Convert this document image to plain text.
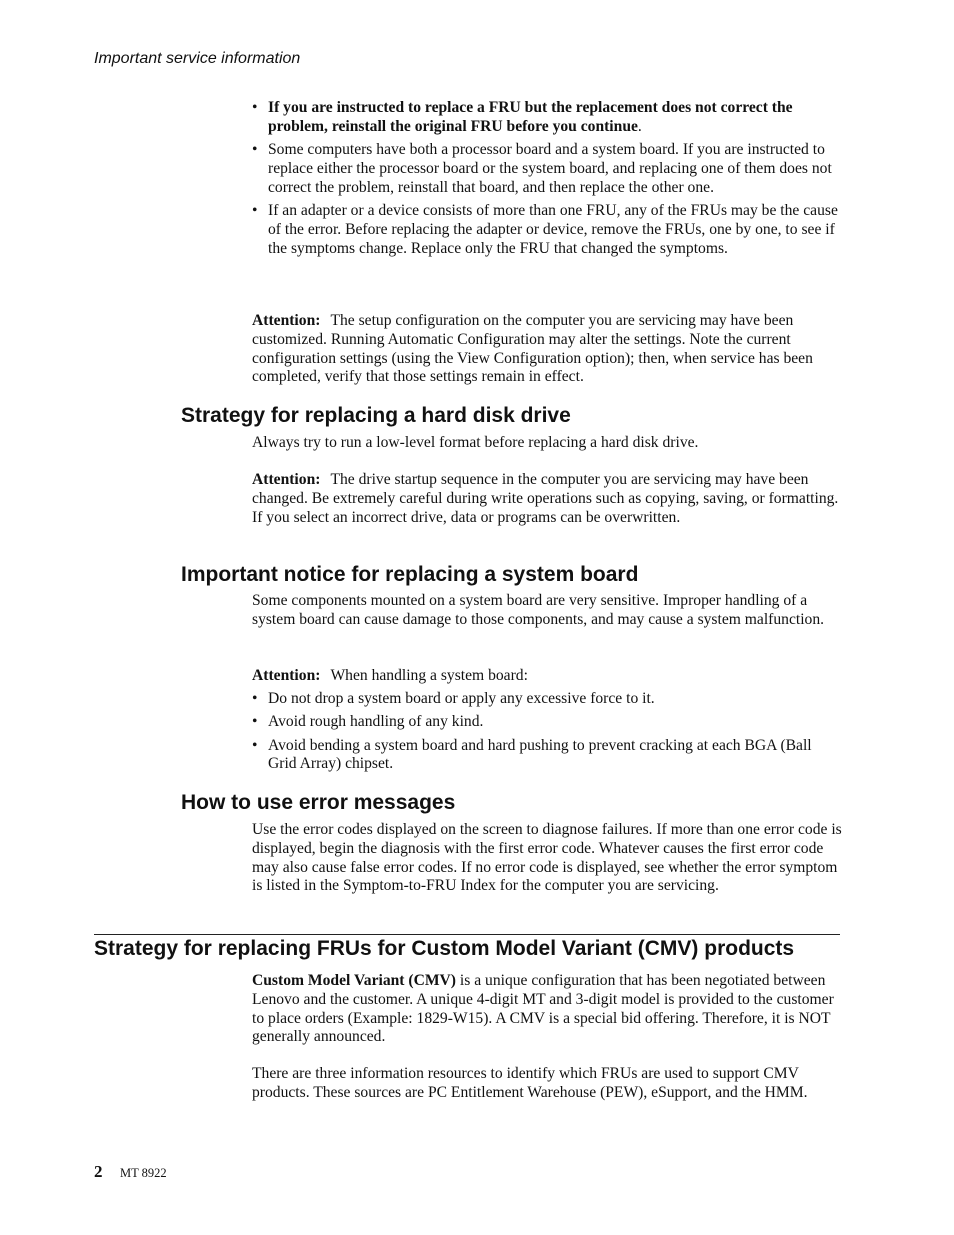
Important service information
• If you are instructed to replace a FRU but the replacement does not correct the problem, reinstall the original FRU before you continue.
• Some computers have both a processor board and a system board. If you are instructed to replace either the processor board or the system board, and replacing one of them does not correct the problem, reinstall that board, and then replace the other one.
• If an adapter or a device consists of more than one FRU, any of the FRUs may be the cause of the error. Before replacing the adapter or device, remove the FRUs, one by one, to see if the symptoms change. Replace only the FRU that changed the symptoms.

Attention: The setup configuration on the computer you are servicing may have been customized. Running Automatic Configuration may alter the settings. Note the current configuration settings (using the View Configuration option); then, when service has been completed, verify that those settings remain in effect.

Strategy for replacing a hard disk drive

Always try to run a low-level format before replacing a hard disk drive.

Attention: The drive startup sequence in the computer you are servicing may have been changed. Be extremely careful during write operations such as copying, saving, or formatting. If you select an incorrect drive, data or programs can be overwritten.

Important notice for replacing a system board

Some components mounted on a system board are very sensitive. Improper handling of a system board can cause damage to those components, and may cause a system malfunction.

Attention: When handling a system board:

• Do not drop a system board or apply any excessive force to it.
• Avoid rough handling of any kind.
• Avoid bending a system board and hard pushing to prevent cracking at each BGA (Ball Grid Array) chipset.
How to use error messages

Use the error codes displayed on the screen to diagnose failures. If more than one error code is displayed, begin the diagnosis with the first error code. Whatever causes the first error code may also cause false error codes. If no error code is displayed, see whether the error symptom is listed in the Symptom-to-FRU Index for the computer you are servicing.

Strategy for replacing FRUs for Custom Model Variant (CMV) products

Custom Model Variant (CMV) is a unique configuration that has been negotiated between Lenovo and the customer. A unique 4-digit MT and 3-digit model is provided to the customer to place orders (Example: 1829-W15). A CMV is a special bid offering. Therefore, it is NOT generally announced.

There are three information resources to identify which FRUs are used to support CMV products. These sources are PC Entitlement Warehouse (PEW), eSupport, and the HMM.

2 MT 8922
